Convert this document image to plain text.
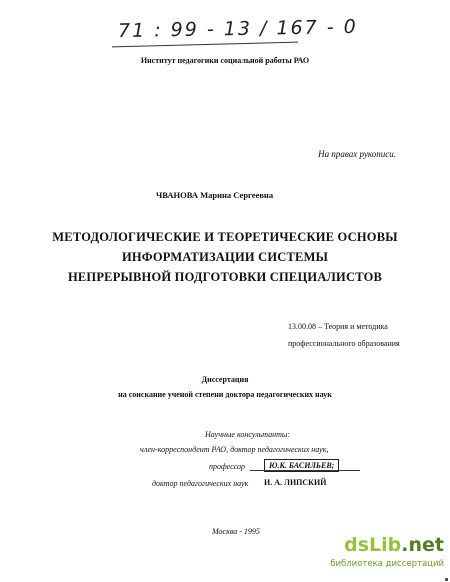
71 : 99 - 13 / 167 - 0
Институт педагогики социальной работы РАО
На правах рукописи.
ЧВАНОВА Марина Сергеевна
МЕТОДОЛОГИЧЕСКИЕ И ТЕОРЕТИЧЕСКИЕ ОСНОВЫ
ИНФОРМАТИЗАЦИИ СИСТЕМЫ
НЕПРЕРЫВНОЙ ПОДГОТОВКИ СПЕЦИАЛИСТОВ
13.00.08 – Теория и методика
профессионального образования
Диссертация
на соискание ученой степени доктора педагогических наук
Научные консультанты:
член-корреспондент РАО, доктор педагогических наук,
профессор	Ю.К. БАСИЛЬЕВ;
доктор педагогических наук И. А. ЛИПСКИЙ
Москва - 1995
dsLib.net
библиотека диссертаций
